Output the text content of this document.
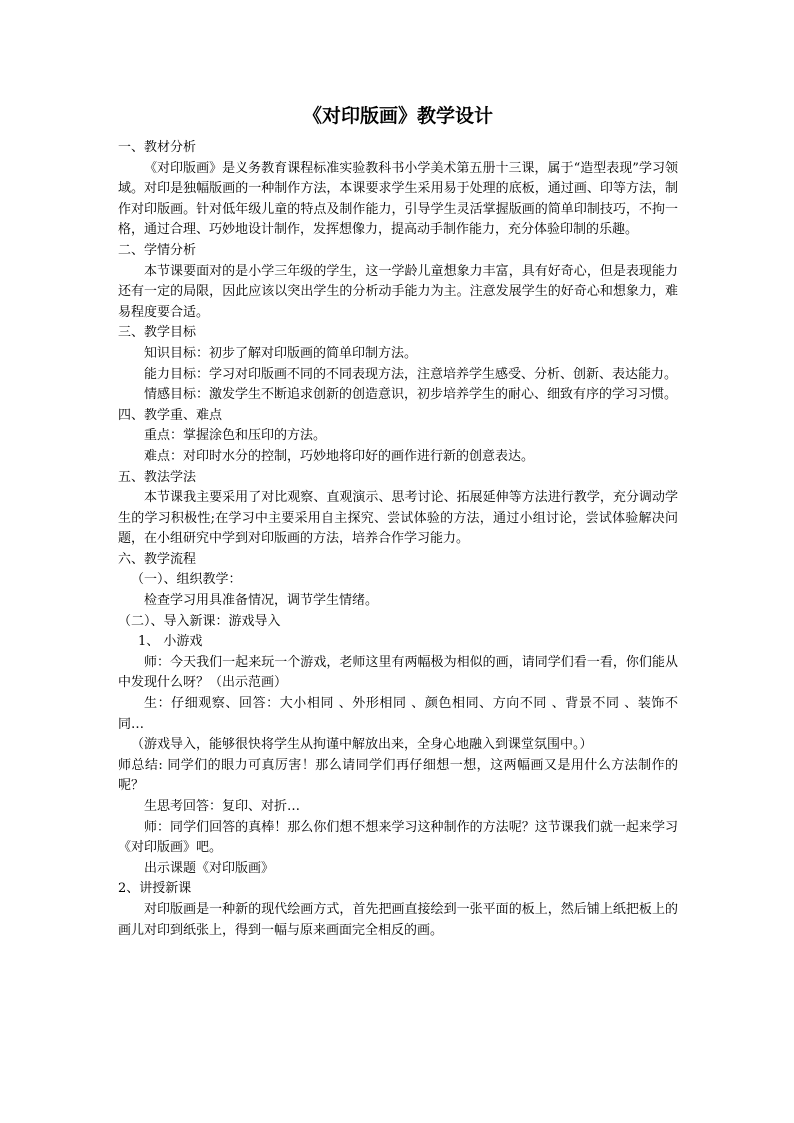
《对印版画》教学设计
一、教材分析
《对印版画》是义务教育课程标准实验教科书小学美术第五册十三课，属于“造型表现”学习领域。对印是独幅版画的一种制作方法，本课要求学生采用易于处理的底板，通过画、印等方法，制作对印版画。针对低年级儿童的特点及制作能力，引导学生灵活掌握版画的简单印制技巧，不拘一格，通过合理、巧妙地设计制作，发挥想像力，提高动手制作能力，充分体验印制的乐趣。
二、学情分析
本节课要面对的是小学三年级的学生，这一学龄儿童想象力丰富，具有好奇心，但是表现能力还有一定的局限，因此应该以突出学生的分析动手能力为主。注意发展学生的好奇心和想象力，难易程度要合适。
三、教学目标
知识目标：初步了解对印版画的简单印制方法。
能力目标：学习对印版画不同的不同表现方法，注意培养学生感受、分析、创新、表达能力。
情感目标：激发学生不断追求创新的创造意识，初步培养学生的耐心、细致有序的学习习惯。
四、教学重、难点
重点：掌握涂色和压印的方法。
难点：对印时水分的控制，巧妙地将印好的画作进行新的创意表达。
五、教法学法
本节课我主要采用了对比观察、直观演示、思考讨论、拓展延伸等方法进行教学，充分调动学生的学习积极性;在学习中主要采用自主探究、尝试体验的方法，通过小组讨论，尝试体验解决问题，在小组研究中学到对印版画的方法，培养合作学习能力。
六、教学流程
（一）、组织教学：
检查学习用具准备情况，调节学生情绪。
（二）、导入新课：游戏导入
1、 小游戏
师：今天我们一起来玩一个游戏，老师这里有两幅极为相似的画，请同学们看一看，你们能从中发现什么呀？（出示范画）
生：仔细观察、回答：大小相同 、外形相同 、颜色相同、方向不同 、背景不同 、装饰不同…
（游戏导入，能够很快将学生从拘谨中解放出来，全身心地融入到课堂氛围中。）
师总结: 同学们的眼力可真厉害！那么请同学们再仔细想一想，这两幅画又是用什么方法制作的呢？
生思考回答：复印、对折…
师：同学们回答的真棒！那么你们想不想来学习这种制作的方法呢？这节课我们就一起来学习《对印版画》吧。
出示课题《对印版画》
2、讲授新课
对印版画是一种新的现代绘画方式，首先把画直接绘到一张平面的板上，然后铺上纸把板上的画儿对印到纸张上，得到一幅与原来画面完全相反的画。
